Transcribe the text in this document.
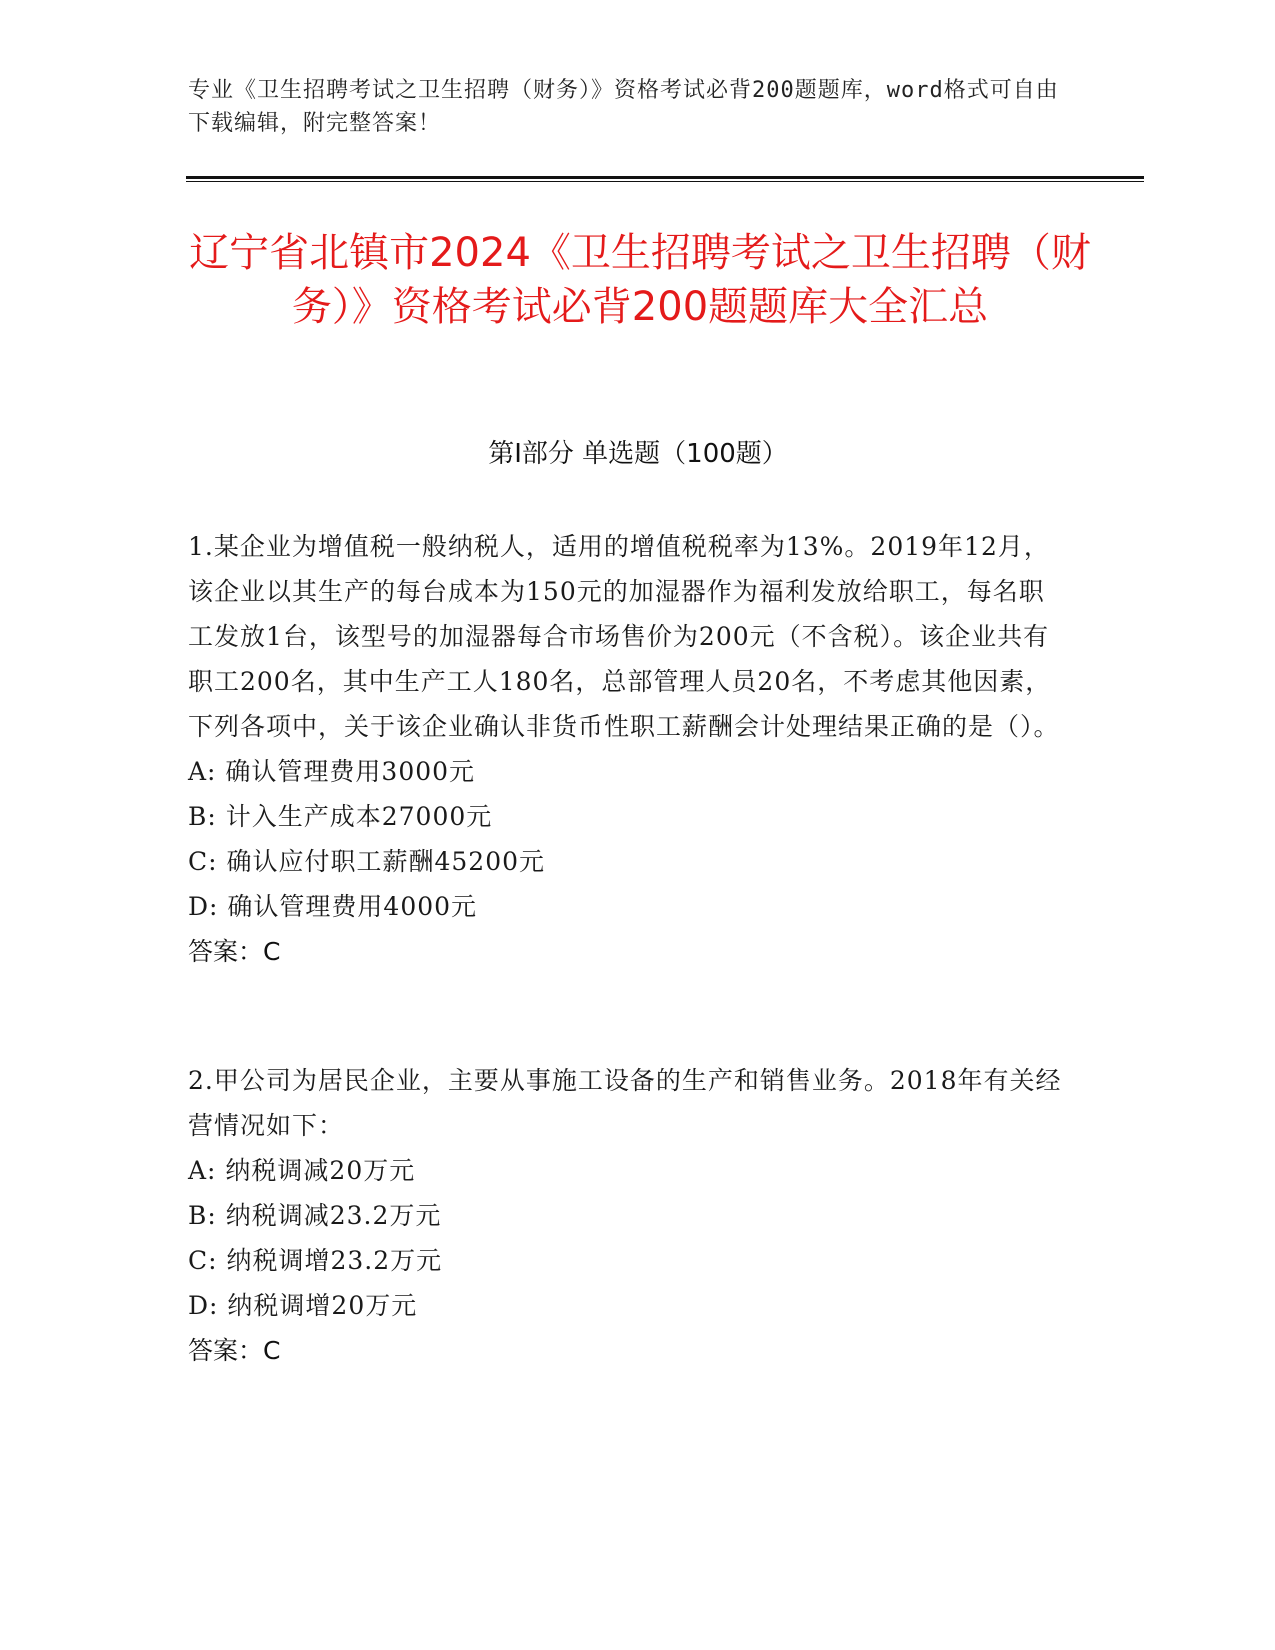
专业《卫生招聘考试之卫生招聘（财务）》资格考试必背200题题库，word格式可自由下载编辑，附完整答案！
辽宁省北镇市2024《卫生招聘考试之卫生招聘（财务）》资格考试必背200题题库大全汇总
第I部分 单选题（100题）

1.某企业为增值税一般纳税人，适用的增值税税率为13%。2019年12月，该企业以其生产的每台成本为150元的加湿器作为福利发放给职工，每名职工发放1台，该型号的加湿器每合市场售价为200元（不含税）。该企业共有职工200名，其中生产工人180名，总部管理人员20名，不考虑其他因素，下列各项中，关于该企业确认非货币性职工薪酬会计处理结果正确的是（）。

A: 确认管理费用3000元

B: 计入生产成本27000元

C: 确认应付职工薪酬45200元

D: 确认管理费用4000元

答案：C

2.甲公司为居民企业，主要从事施工设备的生产和销售业务。2018年有关经营情况如下：

A: 纳税调减20万元

B: 纳税调减23.2万元

C: 纳税调增23.2万元

D: 纳税调增20万元

答案：C
